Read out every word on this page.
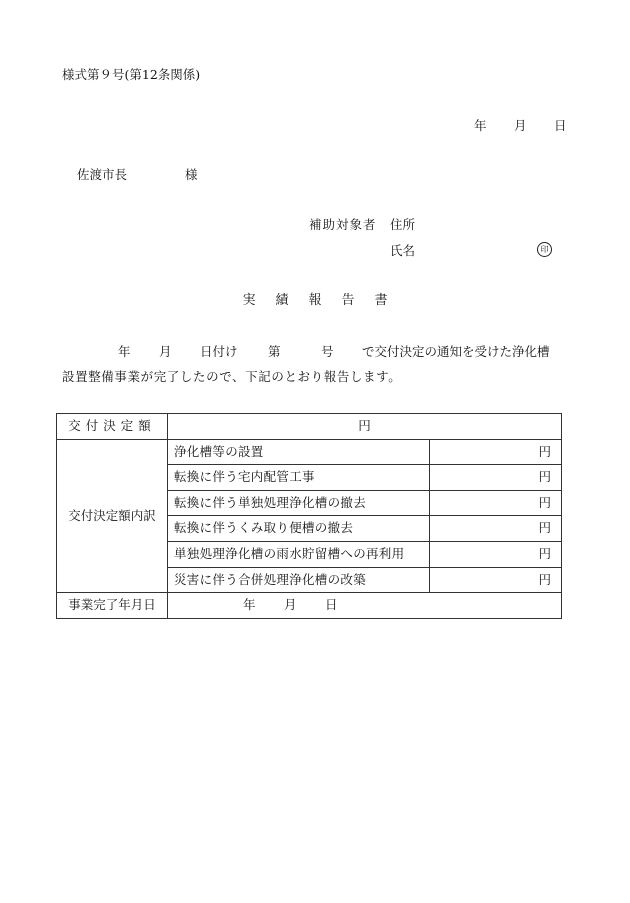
様式第９号(第12条関係)
年 月 日
佐渡市長	様
補助対象者 住所
氏名	印
実績報告書
年 月 日付け 第	号 で交付決定の通知を受けた浄化槽
設置整備事業が完了したので、下記のとおり報告します。
交付決定額	円	
交付決定額内訳	浄化槽等の設置	円
	転換に伴う宅内配管工事	円
	転換に伴う単独処理浄化槽の撤去	円
	転換に伴うくみ取り便槽の撤去	円
	単独処理浄化槽の雨水貯留槽への再利用	円
	災害に伴う合併処理浄化槽の改築	円
事業完了年月日	年 月 日	
